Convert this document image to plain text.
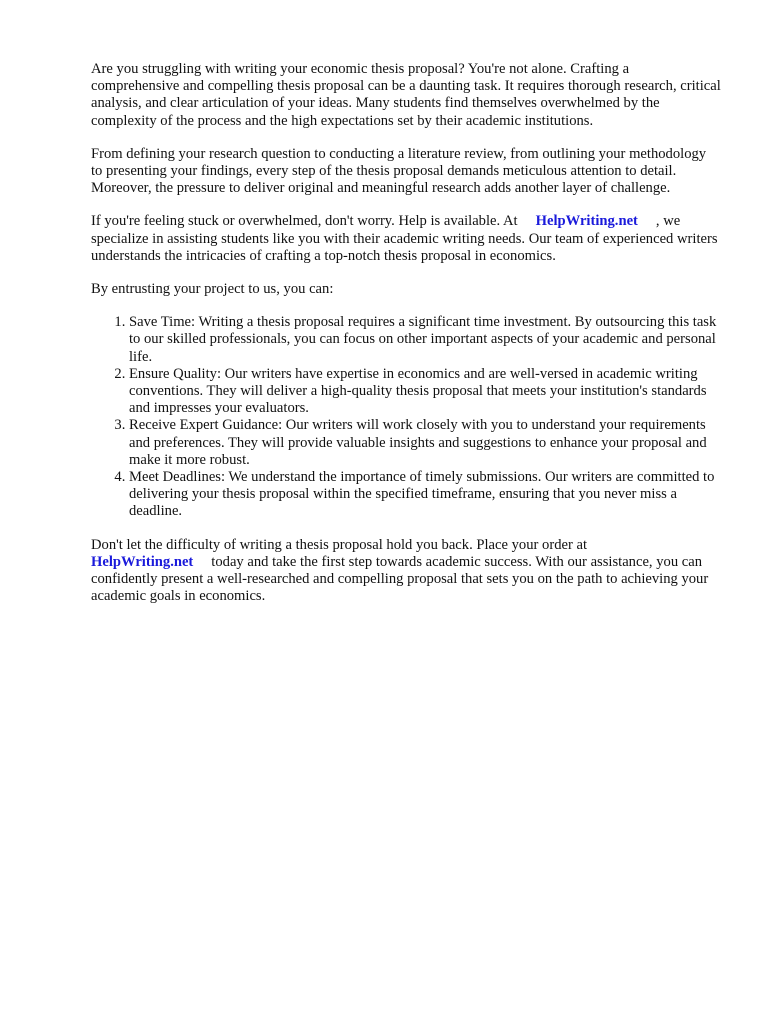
Are you struggling with writing your economic thesis proposal? You're not alone. Crafting a comprehensive and compelling thesis proposal can be a daunting task. It requires thorough research, critical analysis, and clear articulation of your ideas. Many students find themselves overwhelmed by the complexity of the process and the high expectations set by their academic institutions.

From defining your research question to conducting a literature review, from outlining your methodology to presenting your findings, every step of the thesis proposal demands meticulous attention to detail. Moreover, the pressure to deliver original and meaningful research adds another layer of challenge.

If you're feeling stuck or overwhelmed, don't worry. Help is available. At HelpWriting.net , we specialize in assisting students like you with their academic writing needs. Our team of experienced writers understands the intricacies of crafting a top-notch thesis proposal in economics.

By entrusting your project to us, you can:

1. Save Time: Writing a thesis proposal requires a significant time investment. By outsourcing this task to our skilled professionals, you can focus on other important aspects of your academic and personal life.
2. Ensure Quality: Our writers have expertise in economics and are well-versed in academic writing conventions. They will deliver a high-quality thesis proposal that meets your institution's standards and impresses your evaluators.
3. Receive Expert Guidance: Our writers will work closely with you to understand your requirements and preferences. They will provide valuable insights and suggestions to enhance your proposal and make it more robust.
4. Meet Deadlines: We understand the importance of timely submissions. Our writers are committed to delivering your thesis proposal within the specified timeframe, ensuring that you never miss a deadline.

Don't let the difficulty of writing a thesis proposal hold you back. Place your order at HelpWriting.net today and take the first step towards academic success. With our assistance, you can confidently present a well-researched and compelling proposal that sets you on the path to achieving your academic goals in economics.
